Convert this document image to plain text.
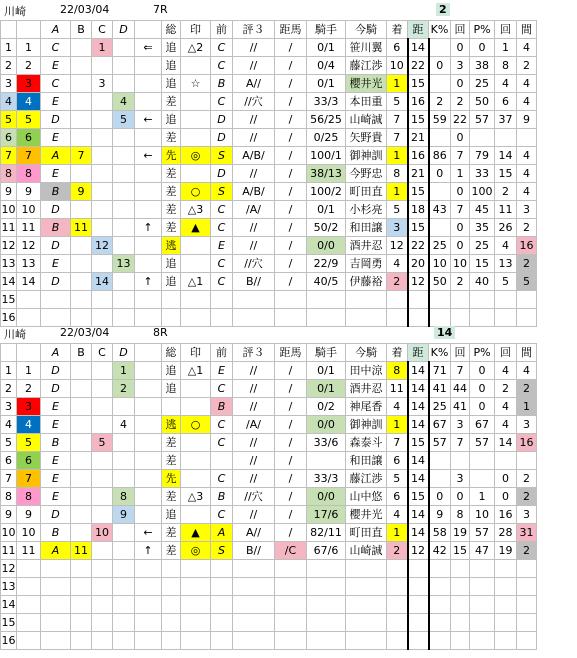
川崎	22/03/04	7R	2
		A	B	C	D		総	印	前	評３	距馬	騎手	今騎	着	距	K%	回	P%	回	間
1	1	C		1		⇐	追	△2	C	//	/	0/1	笹川翼	6	14		0	0	1	4
2	2	E					追		C	//	/	0/4	藤江渉	10	22	0	3	38	8	2
3	3	C		3			追	☆	B	A//	/	0/1	櫻井光	1	15		0	25	4	4
4	4	E			4		差		C	//穴	/	33/3	本田重	5	16	2	2	50	6	4
5	5	D			5	←	追		D	//	/	56/25	山崎誠	7	15	59	22	57	37	9
6	6	E					差		D	//	/	0/25	矢野貴	7	21		0			
7	7	A	7			←	先	◎	S	A/B/	/	100/1	御神訓	1	16	86	7	79	14	4
8	8	E					差		D	//	/	38/13	今野忠	8	21	0	1	33	15	4
9	9	B	9				差	○	S	A/B/	/	100/2	町田直	1	15		0	100	2	4
10	10	D					差	△3	C	/A/	/	0/1	小杉亮	5	18	43	7	45	11	3
11	11	B	11			↑	差	▲	C	//	/	50/2	和田譲	3	15		0	35	26	2
12	12	D		12			逃		E	//	/	0/0	酒井忍	12	22	25	0	25	4	16
13	13	E			13		追		C	//穴	/	22/9	吉岡勇	4	20	10	10	15	13	2
14	14	D		14		↑	追	△1	C	B//	/	40/5	伊藤裕	2	12	50	2	40	5	5
15																				
16																				
川崎	22/03/04	8R	14
		A	B	C	D		総	印	前	評３	距馬	騎手	今騎	着	距	K%	回	P%	回	間
1	1	D			1		追	△1	E	//	/	0/1	田中涼	8	14	71	7	0	4	4
2	2	D			2		追		C	//	/	0/1	酒井忍	11	14	41	44	0	2	2
3	3	E							B	//	/	0/2	神尾香	4	14	25	41	0	4	1
4	4	E			4		逃	○	C	/A/	/	0/0	御神訓	1	14	67	3	67	4	3
5	5	B		5			差		C	//	/	33/6	森泰斗	7	15	57	7	57	14	16
6	6	E					差			//	/		和田譲	6	14					
7	7	E					先		C	//	/	33/3	藤江渉	5	14		3		0	2
8	8	E			8		差	△3	B	//穴	/	0/0	山中悠	6	15	0	0	1	0	2
9	9	D			9		追		C	//	/	17/6	櫻井光	4	14	9	8	10	16	3
10	10	B		10		←	差	▲	A	A//	/	82/11	町田直	1	14	58	19	57	28	31
11	11	A	11			↑	差	◎	S	B//	/C	67/6	山崎誠	2	12	42	15	47	19	2
12																				
13																				
14																				
15																				
16																				
